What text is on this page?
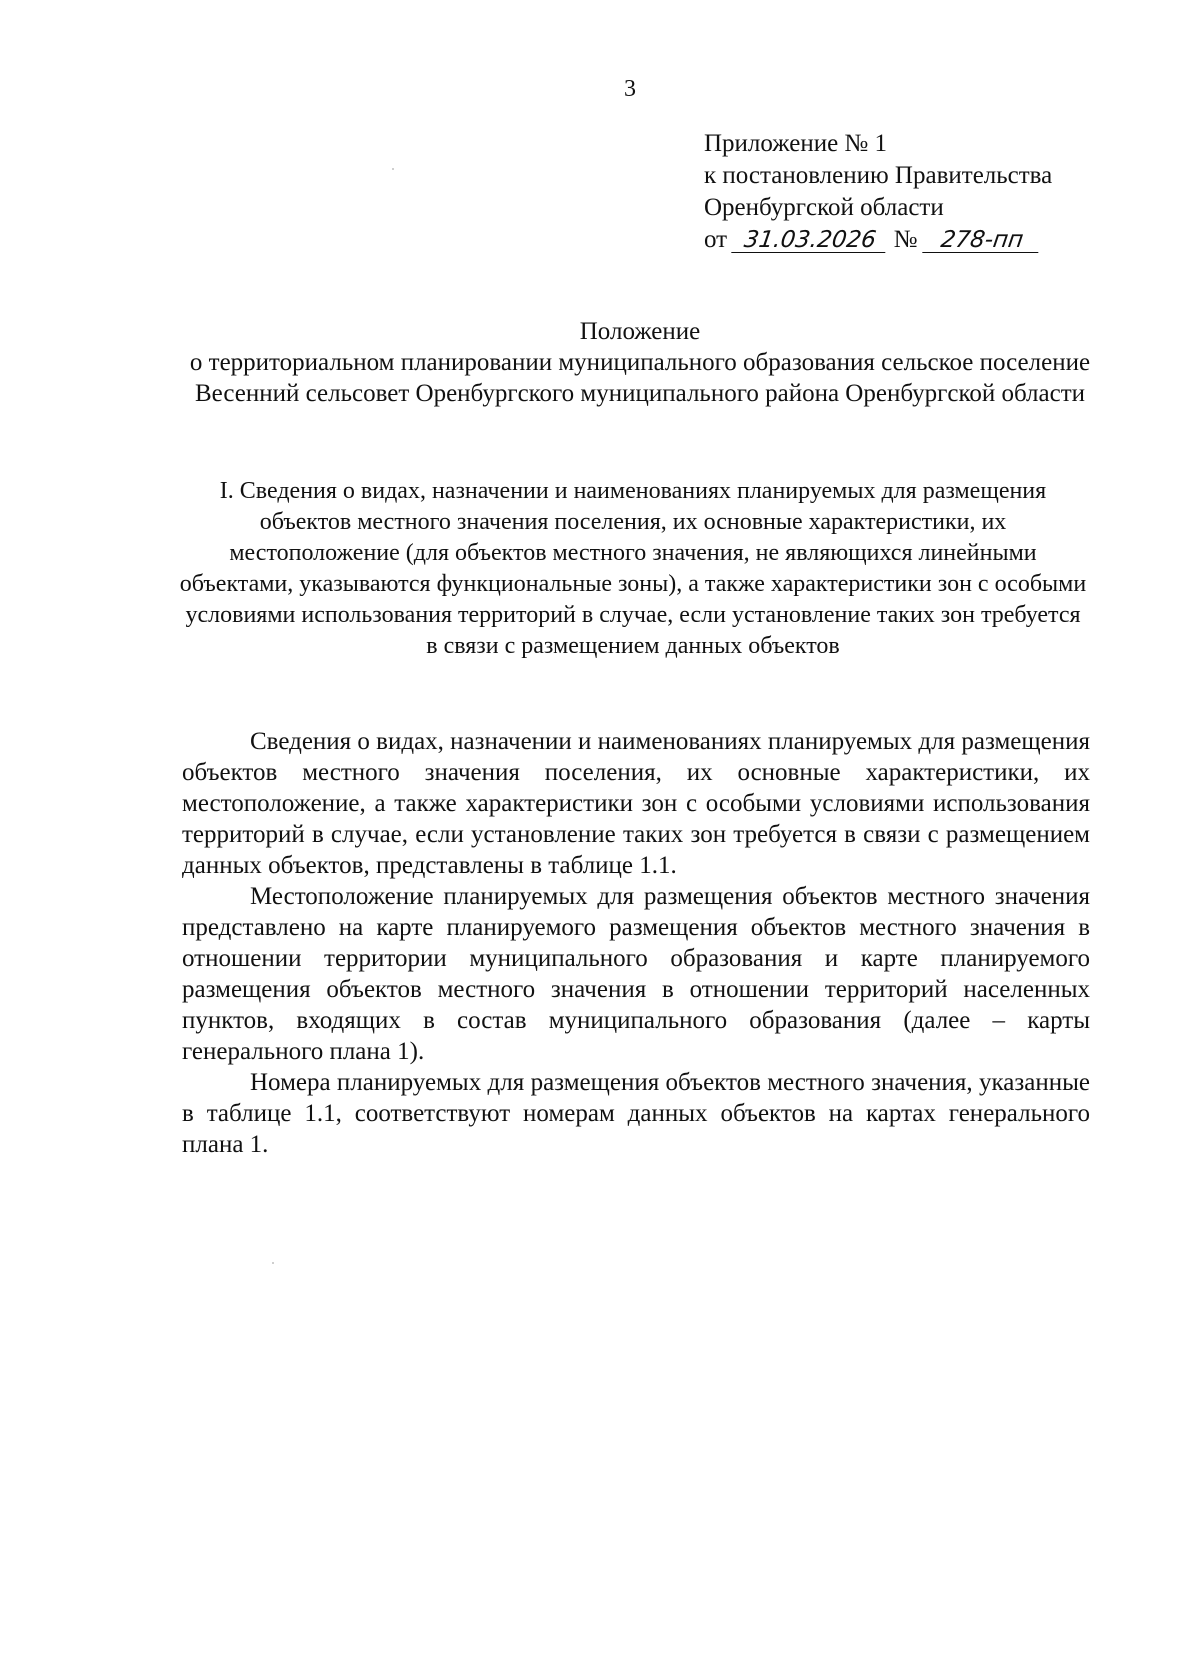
3
Приложение № 1
к постановлению Правительства
Оренбургской области
от 31.03.2026 № 278-пп
Положение
о территориальном планировании муниципального образования сельское поселение Весенний сельсовет Оренбургского муниципального района Оренбургской области
I. Сведения о видах, назначении и наименованиях планируемых для размещения объектов местного значения поселения, их основные характеристики, их местоположение (для объектов местного значения, не являющихся линейными объектами, указываются функциональные зоны), а также характеристики зон с особыми условиями использования территорий в случае, если установление таких зон требуется в связи с размещением данных объектов

Сведения о видах, назначении и наименованиях планируемых для размещения объектов местного значения поселения, их основные характеристики, их местоположение, а также характеристики зон с особыми условиями использования территорий в случае, если установление таких зон требуется в связи с размещением данных объектов, представлены в таблице 1.1.

Местоположение планируемых для размещения объектов местного значения представлено на карте планируемого размещения объектов местного значения в отношении территории муниципального образования и карте планируемого размещения объектов местного значения в отношении территорий населенных пунктов, входящих в состав муниципального образования (далее – карты генерального плана 1).

Номера планируемых для размещения объектов местного значения, указанные в таблице 1.1, соответствуют номерам данных объектов на картах генерального плана 1.
